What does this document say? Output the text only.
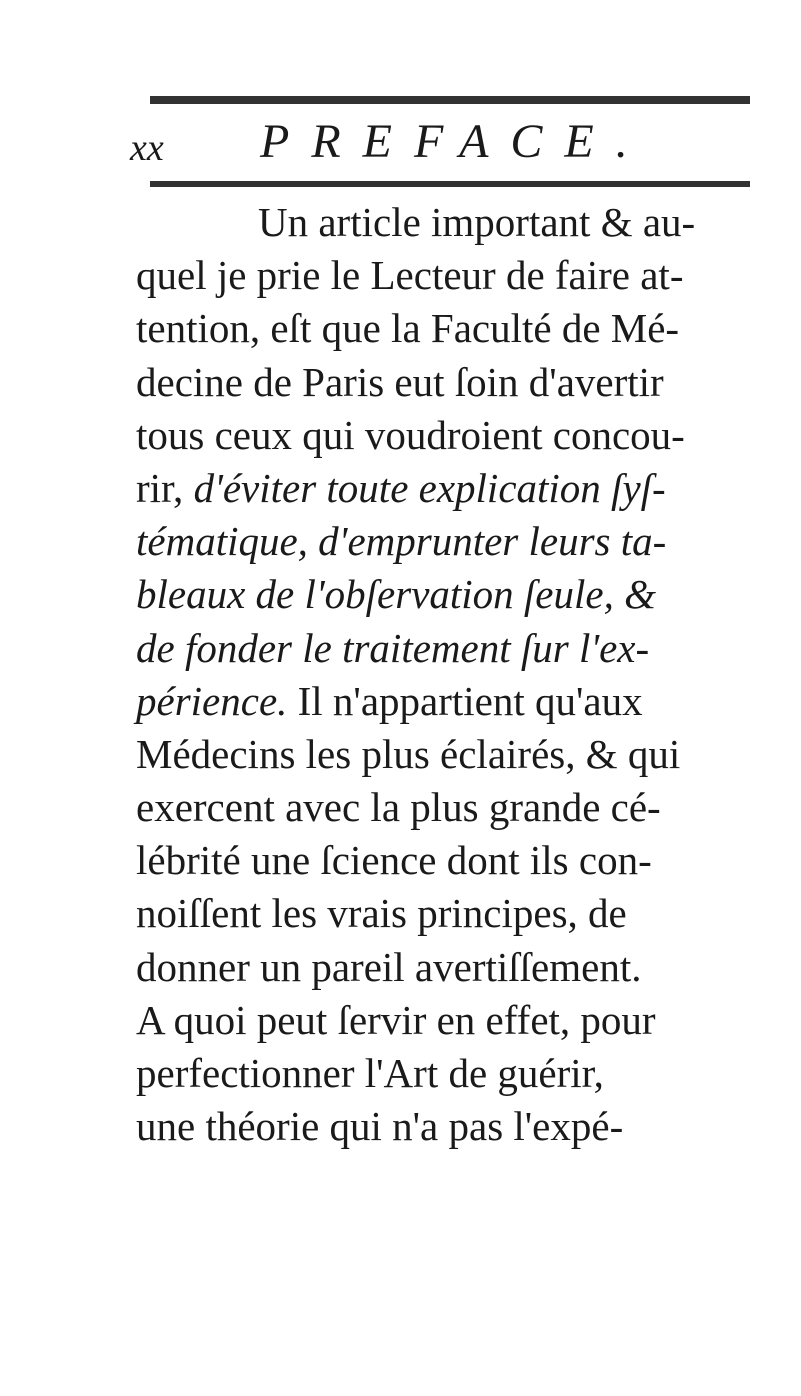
xx PREFACE.
Un article important & au-
quel je prie le Lecteur de faire at-
tention, eſt que la Faculté de Mé-
decine de Paris eut ſoin d'avertir
tous ceux qui voudroient concou-
rir, d'éviter toute explication ſyſ-
tématique, d'emprunter leurs ta-
bleaux de l'obſervation ſeule, &
de fonder le traitement ſur l'ex-
périence. Il n'appartient qu'aux
Médecins les plus éclairés, & qui
exercent avec la plus grande cé-
lébrité une ſcience dont ils con-
noiſſent les vrais principes, de
donner un pareil avertiſſement.
A quoi peut ſervir en effet, pour
perfectionner l'Art de guérir,
une théorie qui n'a pas l'expé-
